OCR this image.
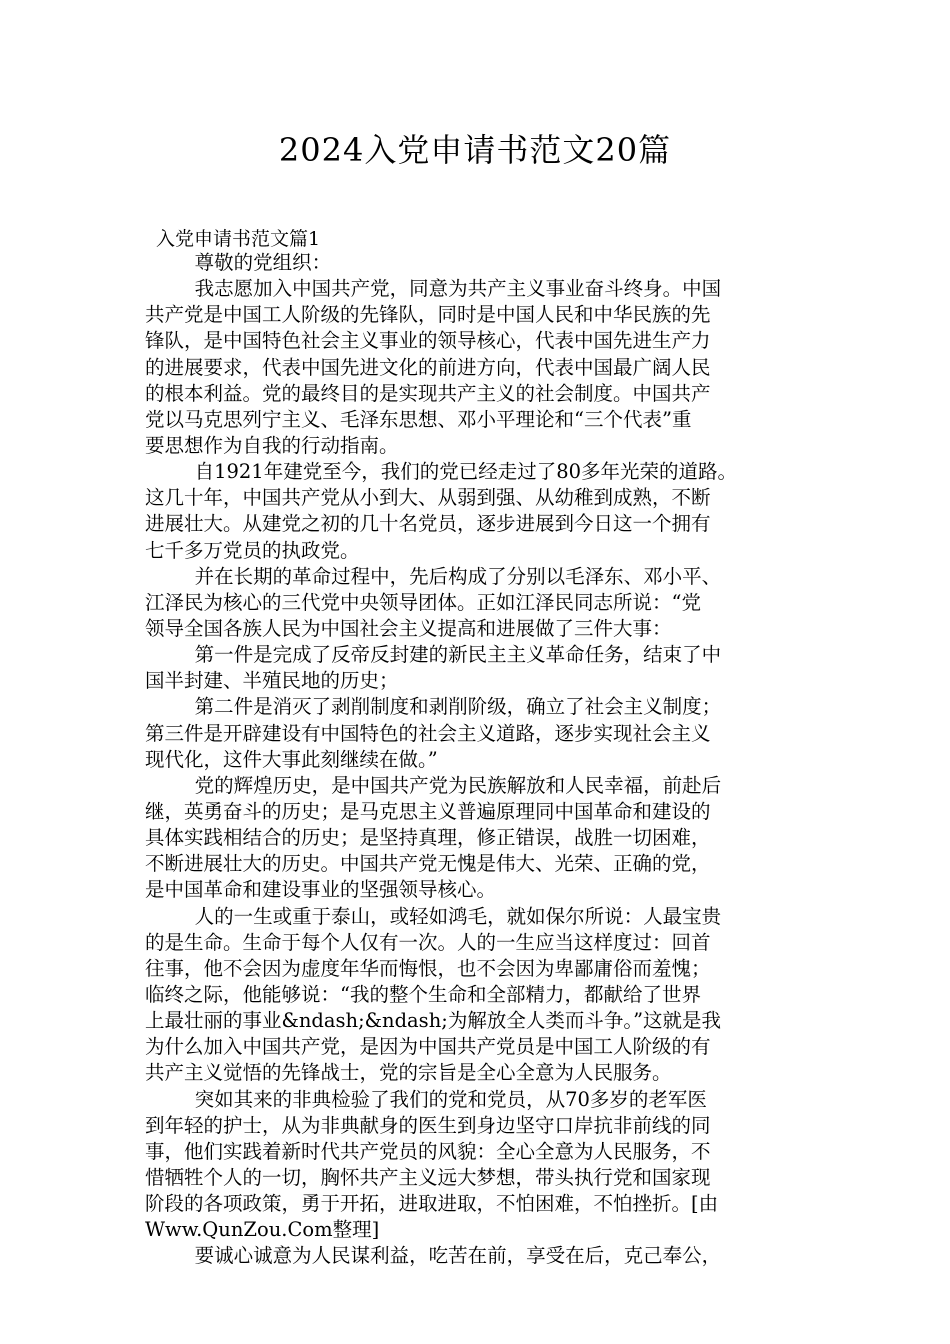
2024入党申请书范文20篇
入党申请书范文篇1
尊敬的党组织：
我志愿加入中国共产党，同意为共产主义事业奋斗终身。中国
共产党是中国工人阶级的先锋队，同时是中国人民和中华民族的先
锋队，是中国特色社会主义事业的领导核心，代表中国先进生产力
的进展要求，代表中国先进文化的前进方向，代表中国最广阔人民
的根本利益。党的最终目的是实现共产主义的社会制度。中国共产
党以马克思列宁主义、毛泽东思想、邓小平理论和“三个代表”重
要思想作为自我的行动指南。
自1921年建党至今，我们的党已经走过了80多年光荣的道路。
这几十年，中国共产党从小到大、从弱到强、从幼稚到成熟，不断
进展壮大。从建党之初的几十名党员，逐步进展到今日这一个拥有
七千多万党员的执政党。
并在长期的革命过程中，先后构成了分别以毛泽东、邓小平、
江泽民为核心的三代党中央领导团体。正如江泽民同志所说：“党
领导全国各族人民为中国社会主义提高和进展做了三件大事：
第一件是完成了反帝反封建的新民主主义革命任务，结束了中
国半封建、半殖民地的历史；
第二件是消灭了剥削制度和剥削阶级，确立了社会主义制度；
第三件是开辟建设有中国特色的社会主义道路，逐步实现社会主义
现代化，这件大事此刻继续在做。”
党的辉煌历史，是中国共产党为民族解放和人民幸福，前赴后
继，英勇奋斗的历史；是马克思主义普遍原理同中国革命和建设的
具体实践相结合的历史；是坚持真理，修正错误，战胜一切困难，
不断进展壮大的历史。中国共产党无愧是伟大、光荣、正确的党，
是中国革命和建设事业的坚强领导核心。
人的一生或重于泰山，或轻如鸿毛，就如保尔所说：人最宝贵
的是生命。生命于每个人仅有一次。人的一生应当这样度过：回首
往事，他不会因为虚度年华而悔恨，也不会因为卑鄙庸俗而羞愧；
临终之际，他能够说：“我的整个生命和全部精力，都献给了世界
上最壮丽的事业&ndash;&ndash;为解放全人类而斗争。”这就是我
为什么加入中国共产党，是因为中国共产党员是中国工人阶级的有
共产主义觉悟的先锋战士，党的宗旨是全心全意为人民服务。
突如其来的非典检验了我们的党和党员，从70多岁的老军医
到年轻的护士，从为非典献身的医生到身边坚守口岸抗非前线的同
事，他们实践着新时代共产党员的风貌：全心全意为人民服务，不
惜牺牲个人的一切，胸怀共产主义远大梦想，带头执行党和国家现
阶段的各项政策，勇于开拓，进取进取，不怕困难，不怕挫折。[由
Www.QunZou.Com整理]
要诚心诚意为人民谋利益，吃苦在前，享受在后，克己奉公，
